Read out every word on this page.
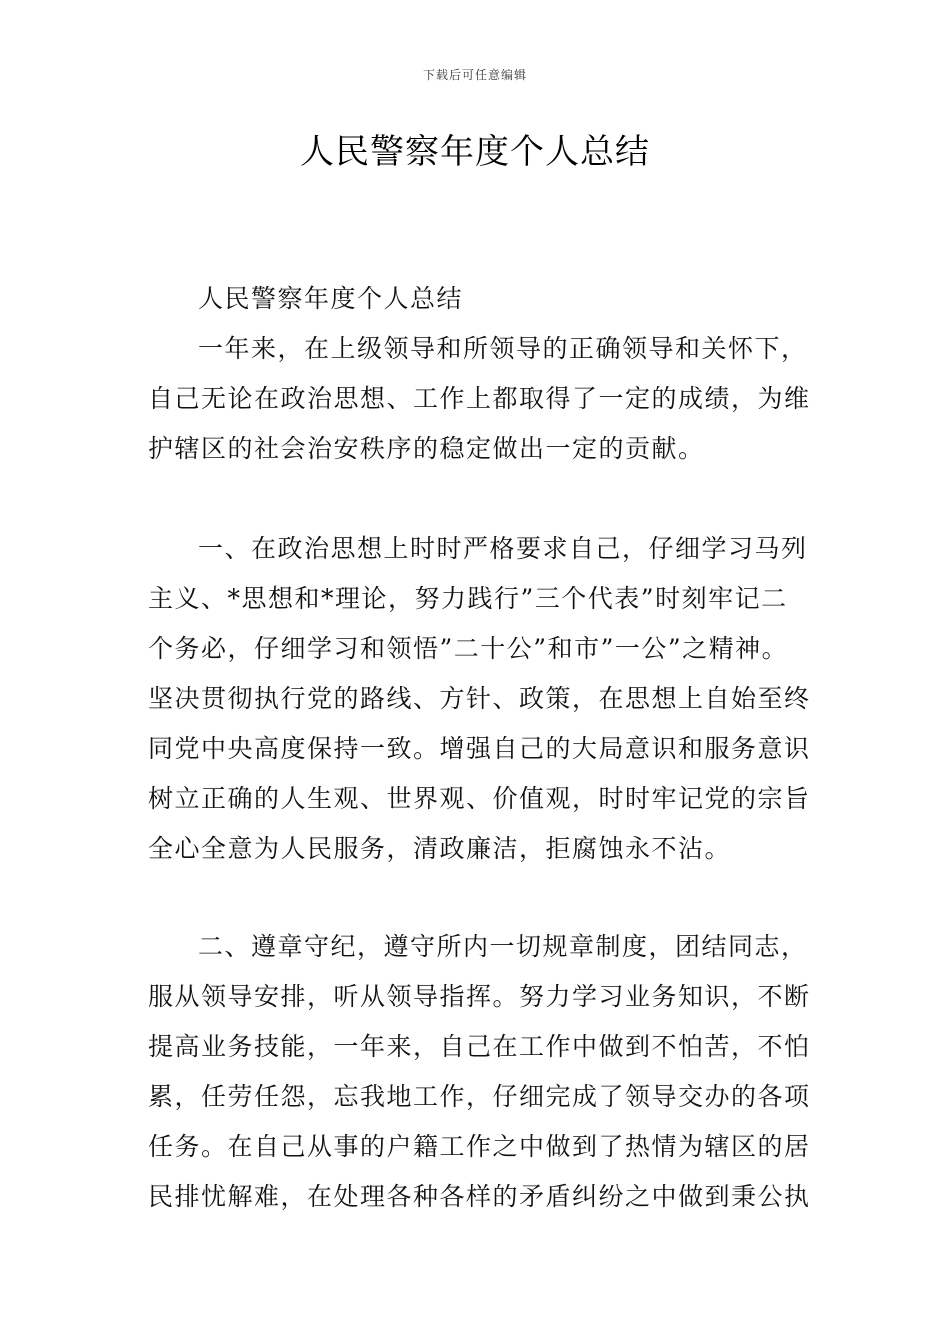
下载后可任意编辑
人民警察年度个人总结
人民警察年度个人总结
一年来，在上级领导和所领导的正确领导和关怀下，
自己无论在政治思想、工作上都取得了一定的成绩，为维
护辖区的社会治安秩序的稳定做出一定的贡献。
一、在政治思想上时时严格要求自己，仔细学习马列
主义、*思想和*理论，努力践行”三个代表”时刻牢记二
个务必，仔细学习和领悟”二十公”和市”一公”之精神。
坚决贯彻执行党的路线、方针、政策，在思想上自始至终
同党中央高度保持一致。增强自己的大局意识和服务意识
树立正确的人生观、世界观、价值观，时时牢记党的宗旨
全心全意为人民服务，清政廉洁，拒腐蚀永不沾。
二、遵章守纪，遵守所内一切规章制度，团结同志，
服从领导安排，听从领导指挥。努力学习业务知识，不断
提高业务技能，一年来，自己在工作中做到不怕苦，不怕
累，任劳任怨，忘我地工作，仔细完成了领导交办的各项
任务。在自己从事的户籍工作之中做到了热情为辖区的居
民排忧解难，在处理各种各样的矛盾纠纷之中做到秉公执
